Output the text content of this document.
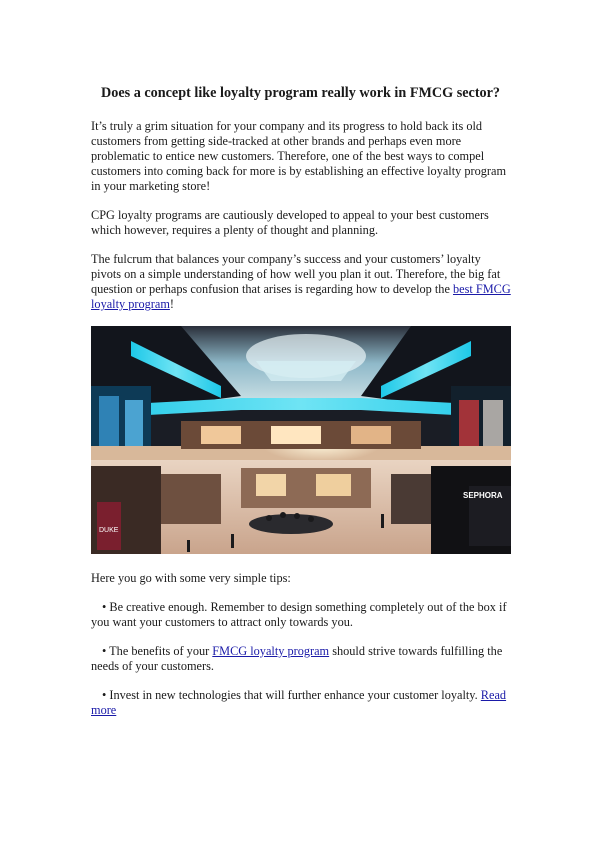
Does a concept like loyalty program really work in FMCG sector?

It’s truly a grim situation for your company and its progress to hold back its old customers from getting side-tracked at other brands and perhaps even more problematic to entice new customers. Therefore, one of the best ways to compel customers into coming back for more is by establishing an effective loyalty program in your marketing store!

CPG loyalty programs are cautiously developed to appeal to your best customers which however, requires a plenty of thought and planning.

The fulcrum that balances your company’s success and your customers’ loyalty pivots on a simple understanding of how well you plan it out. Therefore, the big fat question or perhaps confusion that arises is regarding how to develop the best FMCG loyalty program!

DUKE
SEPHORA

Here you go with some very simple tips:

• Be creative enough. Remember to design something completely out of the box if you want your customers to attract only towards you.

• The benefits of your FMCG loyalty program should strive towards fulfilling the needs of your customers.

• Invest in new technologies that will further enhance your customer loyalty. Read more
